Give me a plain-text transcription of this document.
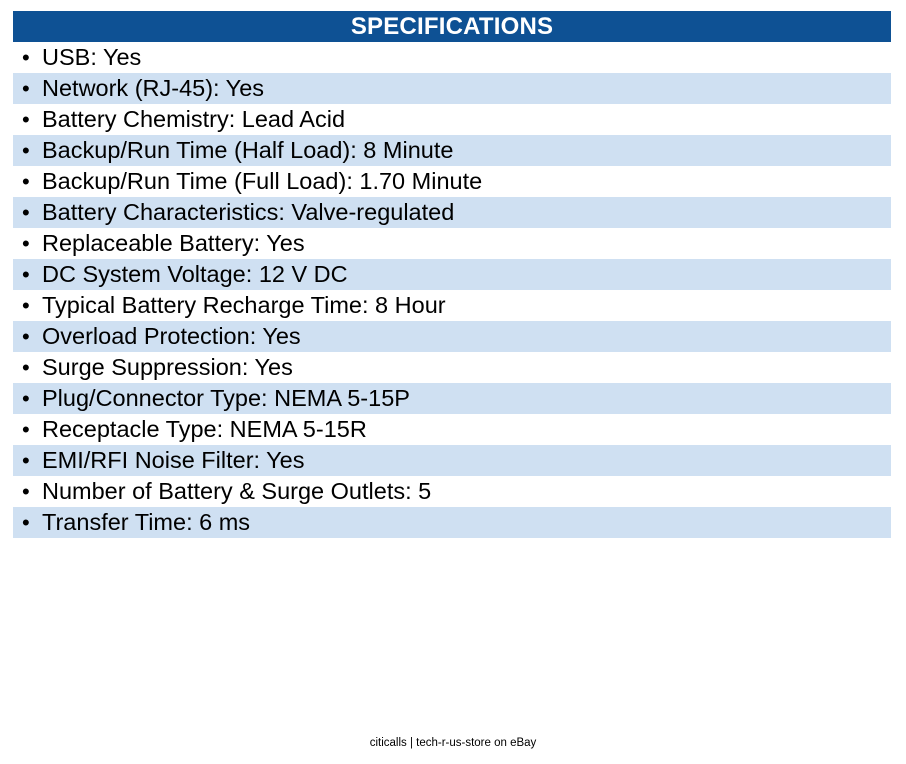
SPECIFICATIONS
• USB: Yes
• Network (RJ-45): Yes
• Battery Chemistry: Lead Acid
• Backup/Run Time (Half Load): 8 Minute
• Backup/Run Time (Full Load): 1.70 Minute
• Battery Characteristics: Valve-regulated
• Replaceable Battery: Yes
• DC System Voltage: 12 V DC
• Typical Battery Recharge Time: 8 Hour
• Overload Protection: Yes
• Surge Suppression: Yes
• Plug/Connector Type: NEMA 5-15P
• Receptacle Type: NEMA 5-15R
• EMI/RFI Noise Filter: Yes
• Number of Battery & Surge Outlets: 5
• Transfer Time: 6 ms
citicalls | tech-r-us-store on eBay
